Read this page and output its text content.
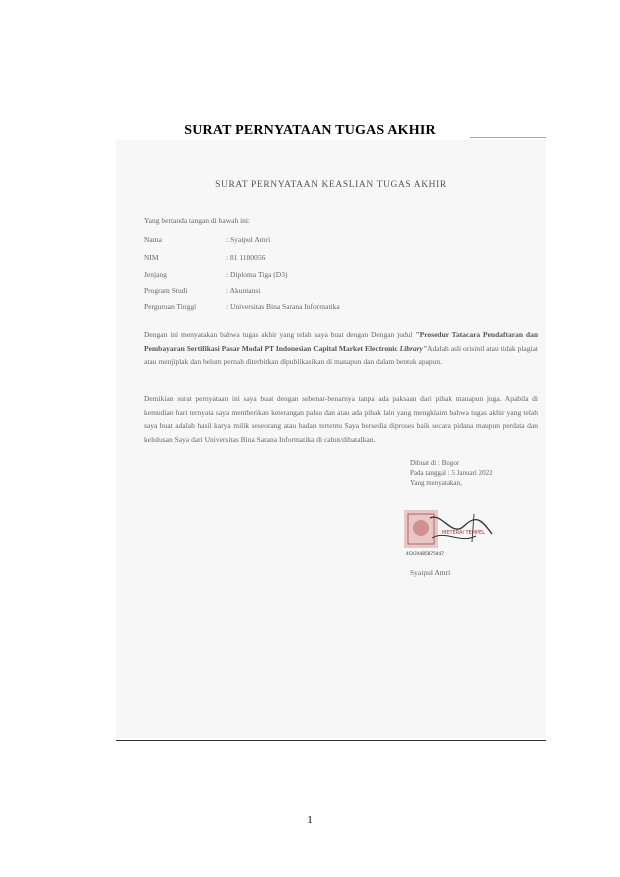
SURAT PERNYATAAN TUGAS AKHIR
SURAT PERNYATAAN KEASLIAN TUGAS AKHIR
Yang bertanda tangan di bawah ini:
Nama	: Syaipul Amri
NIM	: 81 1180056
Jenjang	: Diploma Tiga (D3)
Program Studi	: Akuntansi
Perguruan Tinggi	: Universitas Bina Sarana Informatika
Dengan ini menyatakan bahwa tugas akhir yang telah saya buat dengan Dengan judul "Prosedur Tatacara Pendaftaran dan Pembayaran Sertifikasi Pasar Modal PT Indonesian Capital Market Electronic Library"Adalah asli orisinil atau tidak plagiat atau menjiplak dan belum pernah diterbitkan dipublikasikan di manapun dan dalam bentuk apapun.
Demikian surat pernyataan ini saya buat dengan sebenar-benarnya tanpa ada paksaan dari pihak manapun juga. Apabila di kemudian hari ternyata saya memberikan keterangan palsu dan atau ada pihak lain yang mengklaim bahwa tugas akhir yang telah saya buat adalah hasil karya milik seseorang atau badan tertentu Saya bersedia diproses baik secara pidana maupun perdata dan kelulusan Saya dari Universitas Bina Sarana Informatika di cabut/dibatalkan.
Dibuat di : Bogor
Pada tanggal : 5 Januari 2022
Yang menyatakan,
METERAI TEMPEL
4CAJX485875447
Syaipul Amri
1
